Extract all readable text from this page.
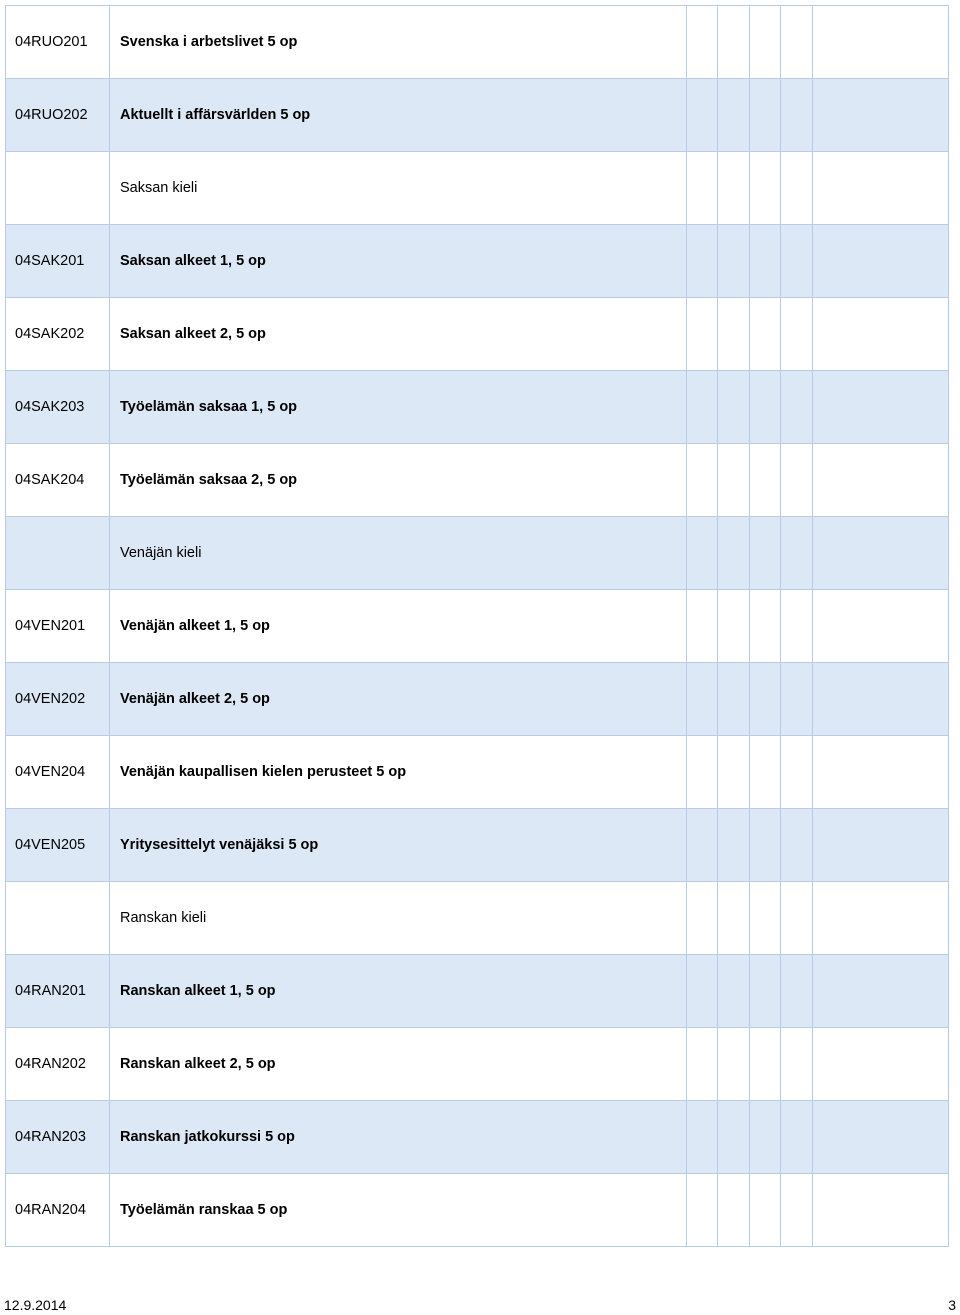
04RUO201	Svenska i arbetslivet 5 op					
04RUO202	Aktuellt i affärsvärlden 5 op					
	Saksan kieli					
04SAK201	Saksan alkeet 1, 5 op					
04SAK202	Saksan alkeet 2, 5 op					
04SAK203	Työelämän saksaa 1, 5 op					
04SAK204	Työelämän saksaa 2, 5 op					
	Venäjän kieli					
04VEN201	Venäjän alkeet 1, 5 op					
04VEN202	Venäjän alkeet 2, 5 op					
04VEN204	Venäjän kaupallisen kielen perusteet 5 op					
04VEN205	Yritysesittelyt venäjäksi 5 op					
	Ranskan kieli					
04RAN201	Ranskan alkeet 1, 5 op					
04RAN202	Ranskan alkeet 2, 5 op					
04RAN203	Ranskan jatkokurssi 5 op					
04RAN204	Työelämän ranskaa 5 op					
12.9.2014	3
